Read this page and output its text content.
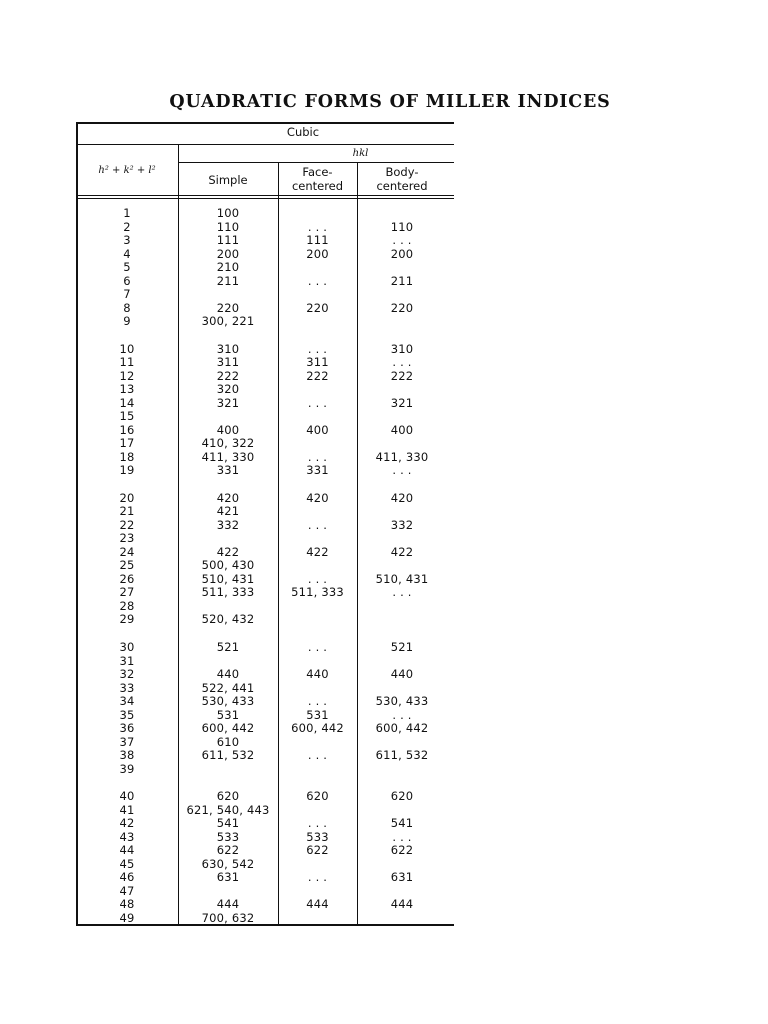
QUADRATIC FORMS OF MILLER INDICES
Cubic
hkl
h² + k² + l²
Simple
Face-
centered
Body-
centered
1	100
2	110	. . .	110
3	111	111	. . .
4	200	200	200
5	210
6	211	. . .	211
7
8	220	220	220
9	300, 221
10	310	. . .	310
11	311	311	. . .
12	222	222	222
13	320
14	321	. . .	321
15
16	400	400	400
17	410, 322
18	411, 330	. . .	411, 330
19	331	331	. . .
20	420	420	420
21	421
22	332	. . .	332
23
24	422	422	422
25	500, 430
26	510, 431	. . .	510, 431
27	511, 333	511, 333	. . .
28
29	520, 432
30	521	. . .	521
31
32	440	440	440
33	522, 441
34	530, 433	. . .	530, 433
35	531	531	. . .
36	600, 442	600, 442	600, 442
37	610
38	611, 532	. . .	611, 532
39
40	620	620	620
41	621, 540, 443
42	541	. . .	541
43	533	533	. . .
44	622	622	622
45	630, 542
46	631	. . .	631
47
48	444	444	444
49	700, 632
